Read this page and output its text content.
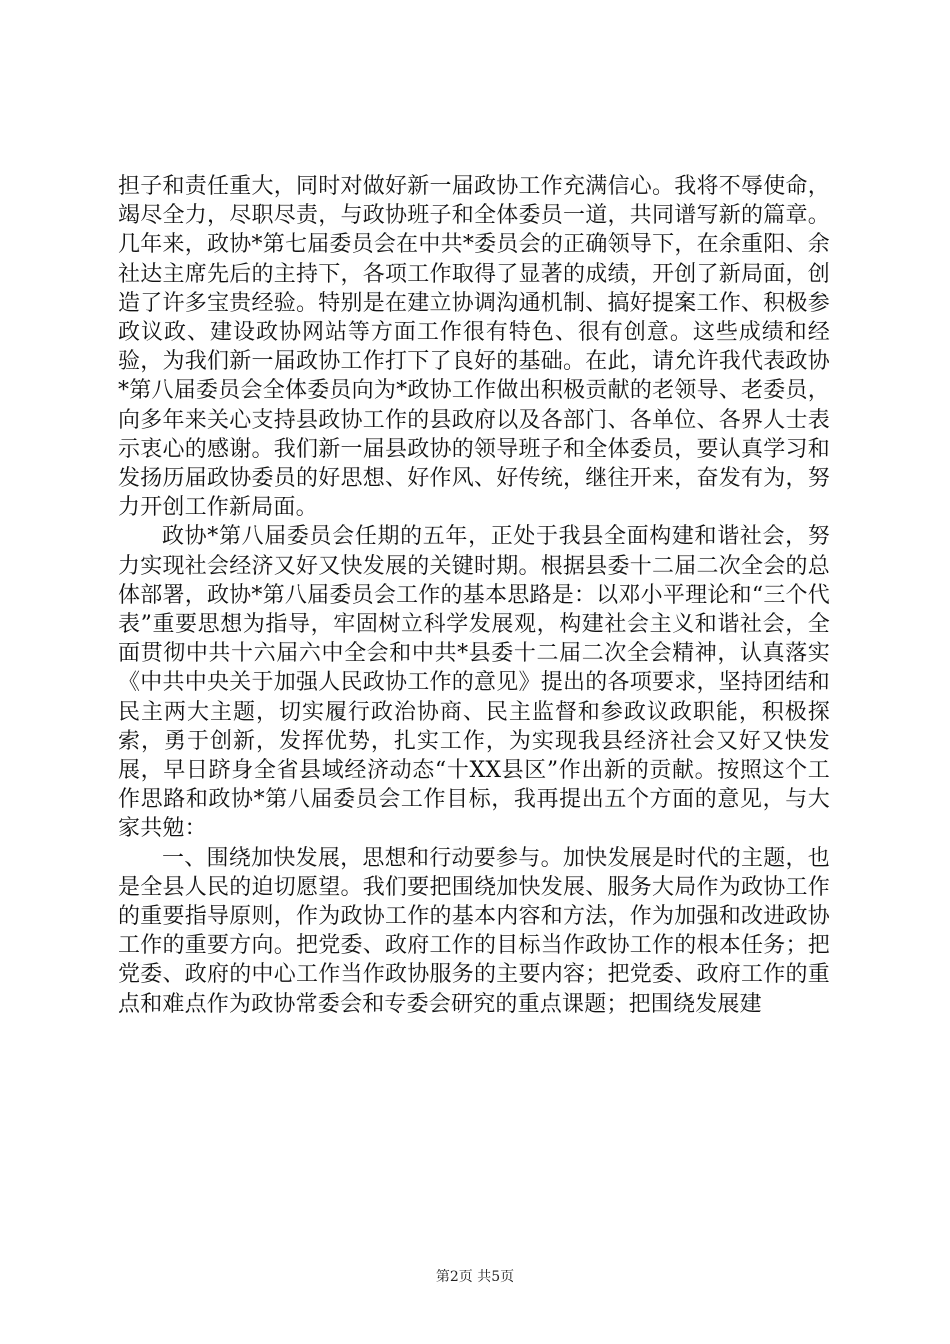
担子和责任重大，同时对做好新一届政协工作充满信心。我将不辱使命，竭尽全力，尽职尽责，与政协班子和全体委员一道，共同谱写新的篇章。几年来，政协*第七届委员会在中共*委员会的正确领导下，在余重阳、余社达主席先后的主持下，各项工作取得了显著的成绩，开创了新局面，创造了许多宝贵经验。特别是在建立协调沟通机制、搞好提案工作、积极参政议政、建设政协网站等方面工作很有特色、很有创意。这些成绩和经验，为我们新一届政协工作打下了良好的基础。在此，请允许我代表政协*第八届委员会全体委员向为*政协工作做出积极贡献的老领导、老委员，向多年来关心支持县政协工作的县政府以及各部门、各单位、各界人士表示衷心的感谢。我们新一届县政协的领导班子和全体委员，要认真学习和发扬历届政协委员的好思想、好作风、好传统，继往开来，奋发有为，努力开创工作新局面。

政协*第八届委员会任期的五年，正处于我县全面构建和谐社会，努力实现社会经济又好又快发展的关键时期。根据县委十二届二次全会的总体部署，政协*第八届委员会工作的基本思路是：以邓小平理论和“三个代表”重要思想为指导，牢固树立科学发展观，构建社会主义和谐社会，全面贯彻中共十六届六中全会和中共*县委十二届二次全会精神，认真落实《中共中央关于加强人民政协工作的意见》提出的各项要求，坚持团结和民主两大主题，切实履行政治协商、民主监督和参政议政职能，积极探索，勇于创新，发挥优势，扎实工作，为实现我县经济社会又好又快发展，早日跻身全省县域经济动态“十XX县区”作出新的贡献。按照这个工作思路和政协*第八届委员会工作目标，我再提出五个方面的意见，与大家共勉：

一、围绕加快发展，思想和行动要参与。加快发展是时代的主题，也是全县人民的迫切愿望。我们要把围绕加快发展、服务大局作为政协工作的重要指导原则，作为政协工作的基本内容和方法，作为加强和改进政协工作的重要方向。把党委、政府工作的目标当作政协工作的根本任务；把党委、政府的中心工作当作政协服务的主要内容；把党委、政府工作的重点和难点作为政协常委会和专委会研究的重点课题；把围绕发展建

第2页 共5页
